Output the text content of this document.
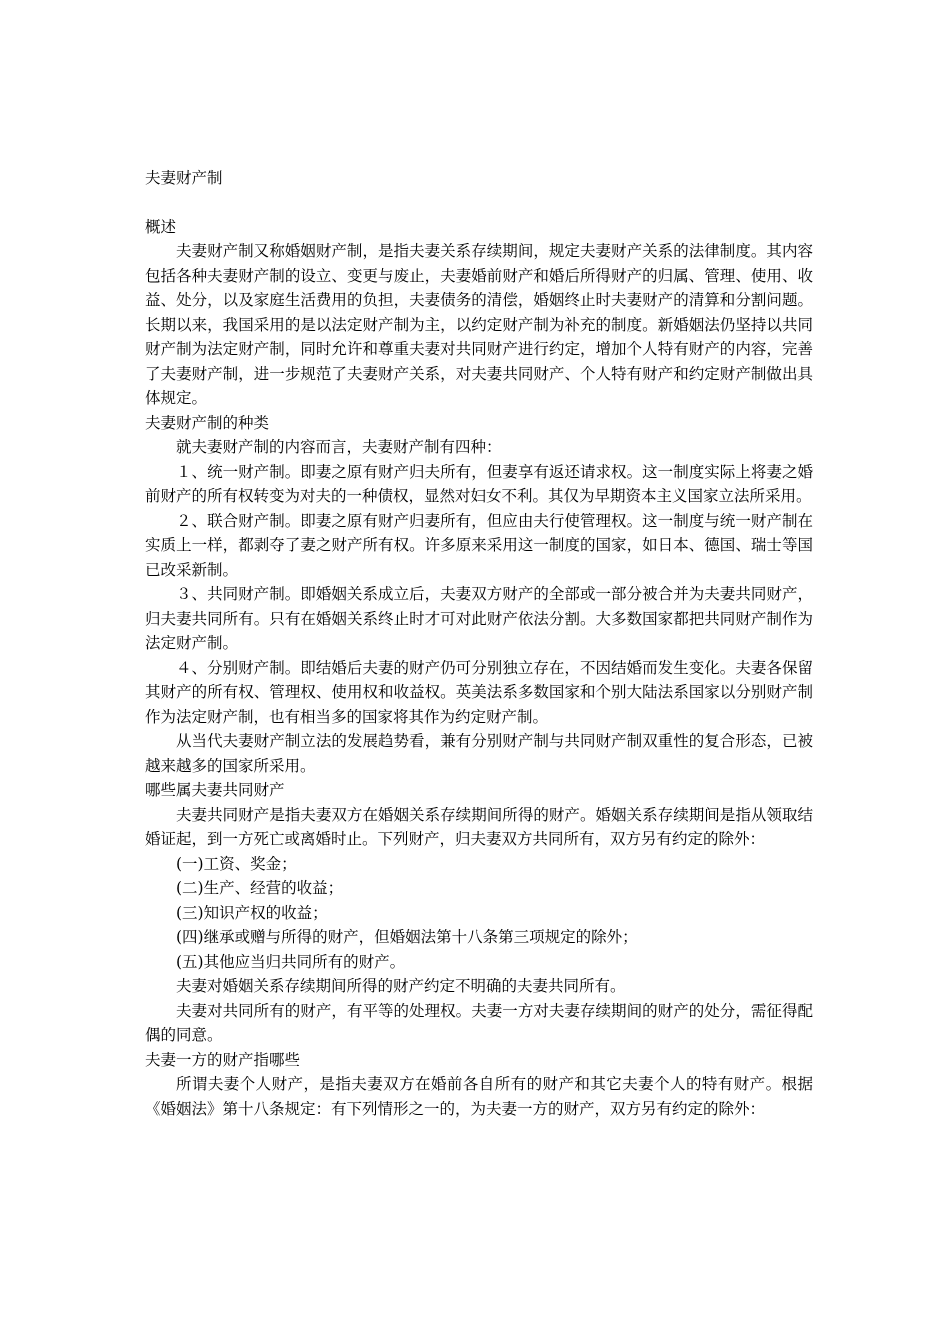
夫妻财产制
概述

夫妻财产制又称婚姻财产制，是指夫妻关系存续期间，规定夫妻财产关系的法律制度。其内容包括各种夫妻财产制的设立、变更与废止，夫妻婚前财产和婚后所得财产的归属、管理、使用、收益、处分，以及家庭生活费用的负担，夫妻债务的清偿，婚姻终止时夫妻财产的清算和分割问题。长期以来，我国采用的是以法定财产制为主，以约定财产制为补充的制度。新婚姻法仍坚持以共同财产制为法定财产制，同时允许和尊重夫妻对共同财产进行约定，增加个人特有财产的内容，完善了夫妻财产制，进一步规范了夫妻财产关系，对夫妻共同财产、个人特有财产和约定财产制做出具体规定。

夫妻财产制的种类

就夫妻财产制的内容而言，夫妻财产制有四种：

１、统一财产制。即妻之原有财产归夫所有，但妻享有返还请求权。这一制度实际上将妻之婚前财产的所有权转变为对夫的一种债权，显然对妇女不利。其仅为早期资本主义国家立法所采用。

２、联合财产制。即妻之原有财产归妻所有，但应由夫行使管理权。这一制度与统一财产制在实质上一样，都剥夺了妻之财产所有权。许多原来采用这一制度的国家，如日本、德国、瑞士等国已改采新制。

３、共同财产制。即婚姻关系成立后，夫妻双方财产的全部或一部分被合并为夫妻共同财产，归夫妻共同所有。只有在婚姻关系终止时才可对此财产依法分割。大多数国家都把共同财产制作为法定财产制。

４、分别财产制。即结婚后夫妻的财产仍可分别独立存在，不因结婚而发生变化。夫妻各保留其财产的所有权、管理权、使用权和收益权。英美法系多数国家和个别大陆法系国家以分别财产制作为法定财产制，也有相当多的国家将其作为约定财产制。

从当代夫妻财产制立法的发展趋势看，兼有分别财产制与共同财产制双重性的复合形态，已被越来越多的国家所采用。

哪些属夫妻共同财产

夫妻共同财产是指夫妻双方在婚姻关系存续期间所得的财产。婚姻关系存续期间是指从领取结婚证起，到一方死亡或离婚时止。下列财产，归夫妻双方共同所有，双方另有约定的除外：

(一)工资、奖金；

(二)生产、经营的收益；

(三)知识产权的收益；

(四)继承或赠与所得的财产，但婚姻法第十八条第三项规定的除外；

(五)其他应当归共同所有的财产。

夫妻对婚姻关系存续期间所得的财产约定不明确的夫妻共同所有。

夫妻对共同所有的财产，有平等的处理权。夫妻一方对夫妻存续期间的财产的处分，需征得配偶的同意。

夫妻一方的财产指哪些

所谓夫妻个人财产，是指夫妻双方在婚前各自所有的财产和其它夫妻个人的特有财产。根据《婚姻法》第十八条规定：有下列情形之一的，为夫妻一方的财产，双方另有约定的除外：
